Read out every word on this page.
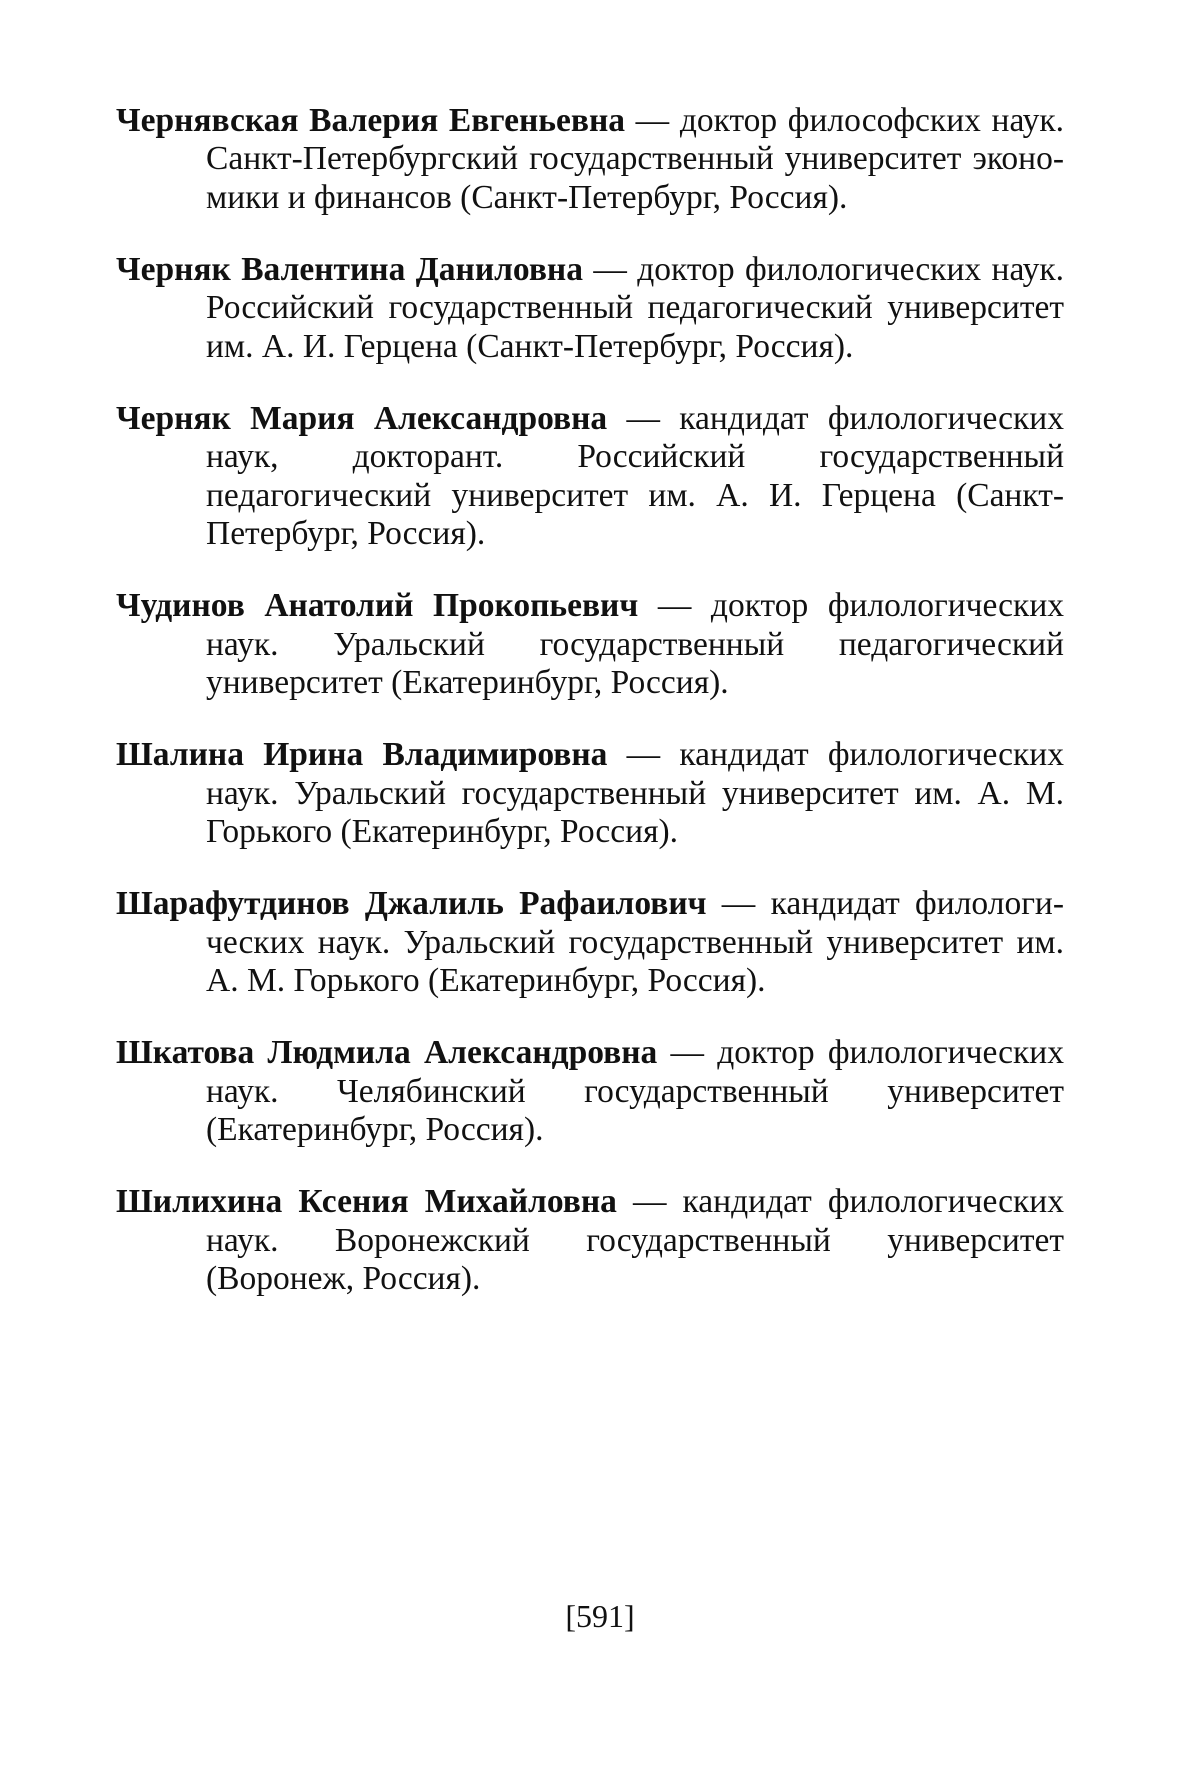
Чернявская Валерия Евгеньевна — доктор философских наук. Санкт-Петербургский государственный университет экономики и финансов (Санкт-Петербург, Россия).

Черняк Валентина Даниловна — доктор филологических наук. Российский государственный педагогический университет им. А. И. Герцена (Санкт-Петербург, Россия).

Черняк Мария Александровна — кандидат филологических наук, докторант. Российский государственный педагогический университет им. А. И. Герцена (Санкт-Петербург, Россия).

Чудинов Анатолий Прокопьевич — доктор филологических наук. Уральский государственный педагогический университет (Екатеринбург, Россия).

Шалина Ирина Владимировна — кандидат филологических наук. Уральский государственный университет им. А. М. Горького (Екатеринбург, Россия).

Шарафутдинов Джалиль Рафаилович — кандидат филологических наук. Уральский государственный университет им. А. М. Горького (Екатеринбург, Россия).

Шкатова Людмила Александровна — доктор филологических наук. Челябинский государственный университет (Екатеринбург, Россия).

Шилихина Ксения Михайловна — кандидат филологических наук. Воронежский государственный университет (Воронеж, Россия).

[591]
